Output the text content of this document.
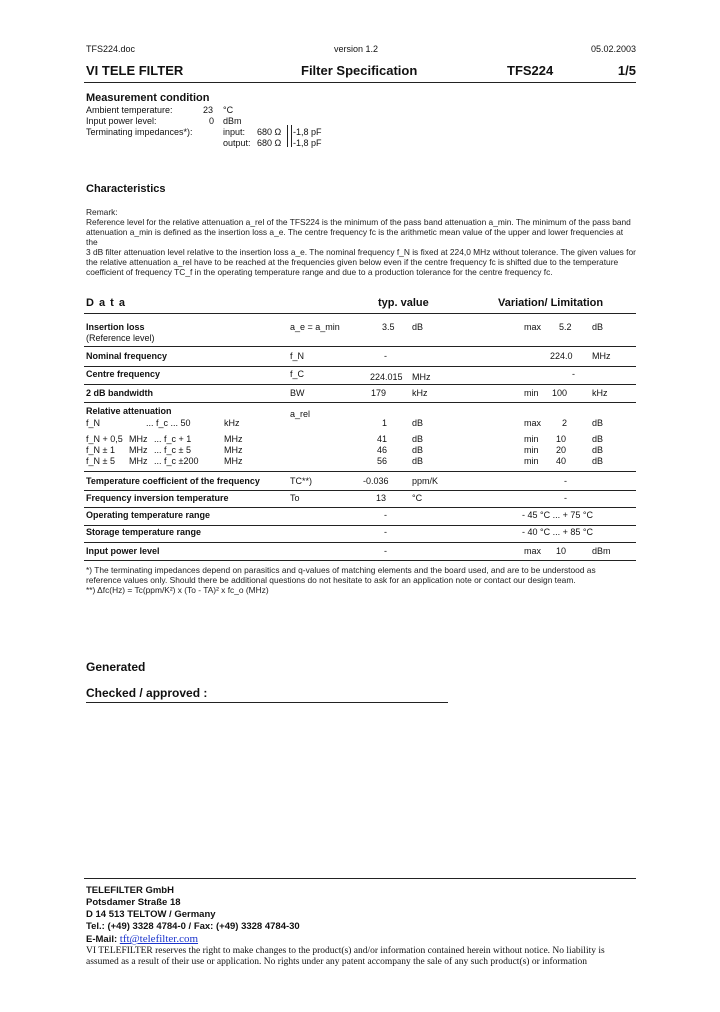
TFS224.doc	version 1.2	05.02.2003
VI TELE FILTER	Filter Specification	TFS224	1/5
Measurement condition
Ambient temperature:	23 °C
Input power level:	0 dBm
Terminating impedances*):	input: 680 Ω -1,8 pF
output: 680 Ω -1,8 pF
Characteristics
Remark:
Reference level for the relative attenuation a_rel of the TFS224 is the minimum of the pass band attenuation a_min. The minimum of the pass band
attenuation a_min is defined as the insertion loss a_e. The centre frequency fc is the arithmetic mean value of the upper and lower frequencies at
the
3 dB filter attenuation level relative to the insertion loss a_e. The nominal frequency f_N is fixed at 224,0 MHz without tolerance. The given values for
the relative attenuation a_rel have to be reached at the frequencies given below even if the centre frequency fc is shifted due to the temperature
coefficient of frequency TC_f in the operating temperature range and due to a production tolerance for the centre frequency fc.
D a t a	typ. value	Variation/ Limitation
Insertion loss	a_e = a_min	3.5 dB	max 5.2 dB
(Reference level)
Nominal frequency	f_N	-	224.0 MHz
Centre frequency	f_C	224.015 MHz	-
2 dB bandwidth	BW	179	kHz	min 100	kHz
Relative attenuation	a_rel
f_N	... f_c ... 50	kHz	1	dB	max 2	dB
f_N + 0,5 MHz ... f_c + 1	MHz	41	dB	min 10	dB
f_N ± 1 MHz ... f_c ± 5	MHz	46	dB	min 20	dB
f_N ± 5 MHz ... f_c ±200	MHz	56	dB	min 40	dB
Temperature coefficient of the frequency	TC**)	-0.036	ppm/K	-
Frequency inversion temperature	To	13	°C	-
Operating temperature range	-	- 45 °C ... + 75 °C
Storage temperature range	-	- 40 °C ... + 85 °C
Input power level	-	max 10	dBm
*) The terminating impedances depend on parasitics and q-values of matching elements and the board used, and are to be understood as
reference values only. Should there be additional questions do not hesitate to ask for an application note or contact our design team.
**) Δfc(Hz) = Tc(ppm/K²) x (To - TA)² x fc_o (MHz)
Generated
Checked / approved :
TELEFILTER GmbH
Potsdamer Straße 18
D 14 513 TELTOW / Germany
Tel.: (+49) 3328 4784-0 / Fax: (+49) 3328 4784-30
E-Mail: tft@telefilter.com
VI TELEFILTER reserves the right to make changes to the product(s) and/or information contained herein without notice. No liability is
assumed as a result of their use or application. No rights under any patent accompany the sale of any such product(s) or information
